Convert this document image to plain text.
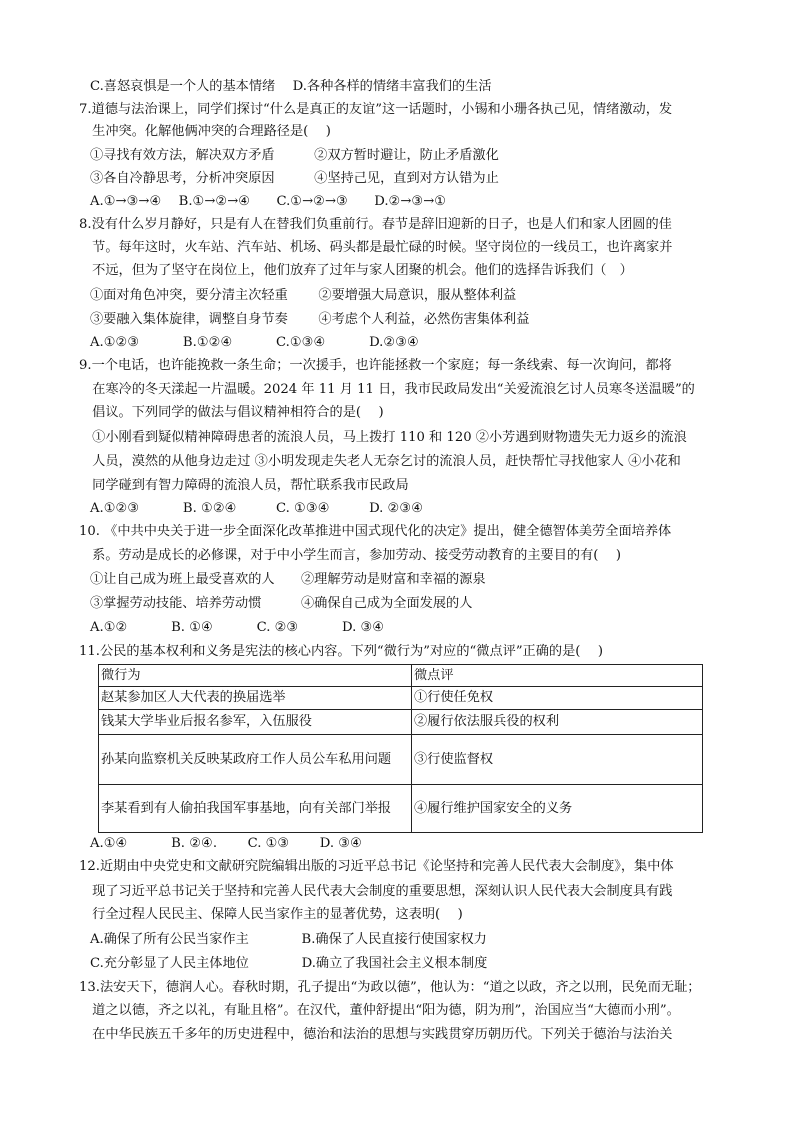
C.喜怒哀惧是一个人的基本情绪　 D.各种各样的情绪丰富我们的生活
7.道德与法治课上，同学们探讨“什么是真正的友谊”这一话题时，小锡和小珊各执己见，情绪激动，发
　生冲突。化解他俩冲突的合理路径是(　 )
①寻找有效方法，解决双方矛盾　　　②双方暂时避让，防止矛盾激化
③各自冷静思考，分析冲突原因　　　④坚持己见，直到对方认错为止
A.①→③→④　 B.①→②→④　　C.①→②→③　　D.②→③→①
8.没有什么岁月静好，只是有人在替我们负重前行。春节是辞旧迎新的日子，也是人们和家人团圆的佳
　节。每年这时，火车站、汽车站、机场、码头都是最忙碌的时候。坚守岗位的一线员工，也许离家并
　不远，但为了坚守在岗位上，他们放弃了过年与家人团聚的机会。他们的选择告诉我们（　）
①面对角色冲突，要分清主次轻重　　 ②要增强大局意识，服从整体利益
③要融入集体旋律，调整自身节奏　　 ④考虑个人利益，必然伤害集体利益
A.①②③　　　 B.①②④　　　 C.①③④　　　 D.②③④
9.一个电话，也许能挽救一条生命；一次援手，也许能拯救一个家庭；每一条线索、每一次询问，都将
　在寒冷的冬天漾起一片温暖。2024 年 11 月 11 日，我市民政局发出“关爱流浪乞讨人员寒冬送温暖”的
　倡议。下列同学的做法与倡议精神相符合的是(　 )
　①小刚看到疑似精神障碍患者的流浪人员，马上拨打 110 和 120 ②小芳遇到财物遗失无力返乡的流浪
　人员，漠然的从他身边走过 ③小明发现走失老人无奈乞讨的流浪人员，赶快帮忙寻找他家人 ④小花和
　同学碰到有智力障碍的流浪人员，帮忙联系我市民政局
A.①②③　　　 B. ①②④　　　C. ①③④　　　D. ②③④
10. 《中共中央关于进一步全面深化改革推进中国式现代化的决定》提出，健全德智体美劳全面培养体
　系。劳动是成长的必修课，对于中小学生而言，参加劳动、接受劳动教育的主要目的有(　 )
①让自己成为班上最受喜欢的人　　②理解劳动是财富和幸福的源泉
③掌握劳动技能、培养劳动惯　　　④确保自己成为全面发展的人
A.①②　　　 B. ①④　　　 C. ②③　　　 D. ③④
11.公民的基本权利和义务是宪法的核心内容。下列“微行为”对应的“微点评”正确的是(　 )
微行为	微点评
赵某参加区人大代表的换届选举	①行使任免权
钱某大学毕业后报名参军，入伍服役	②履行依法服兵役的权利
孙某向监察机关反映某政府工作人员公车私用问题	③行使监督权
李某看到有人偷拍我国军事基地，向有关部门举报	④履行维护国家安全的义务
A.①④　　　 B. ②④.　　 C. ①③　　 D. ③④
12.近期由中央党史和文献研究院编辑出版的习近平总书记《论坚持和完善人民代表大会制度》，集中体
　现了习近平总书记关于坚持和完善人民代表大会制度的重要思想，深刻认识人民代表大会制度具有践
　行全过程人民民主、保障人民当家作主的显著优势，这表明(　 )
A.确保了所有公民当家作主　　　　B.确保了人民直接行使国家权力
C.充分彰显了人民主体地位　　　　D.确立了我国社会主义根本制度
13.法安天下，德润人心。春秋时期，孔子提出“为政以德”，他认为：“道之以政，齐之以刑，民免而无耻；
　道之以德，齐之以礼，有耻且格”。在汉代，董仲舒提出“阳为德，阴为刑”，治国应当“大德而小刑”。
　在中华民族五千多年的历史进程中，德治和法治的思想与实践贯穿历朝历代。下列关于德治与法治关
